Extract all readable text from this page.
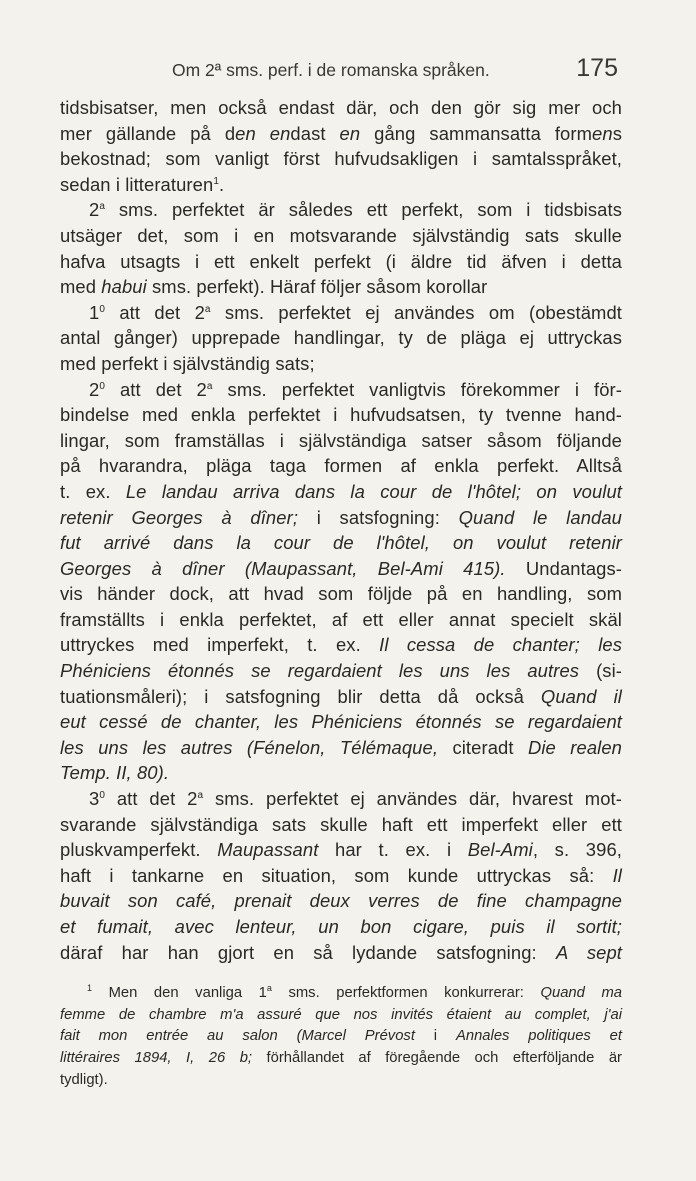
Om 2ª sms. perf. i de romanska språken.	175
tidsbisatser, men också endast där, och den gör sig mer och
mer gällande på den endast en gång sammansatta formens
bekostnad; som vanligt först hufvudsakligen i samtalsspråket,
sedan i litteraturen$^1$.
2$^a$ sms. perfektet är således ett perfekt, som i tidsbisats
utsäger det, som i en motsvarande självständig sats skulle
hafva utsagts i ett enkelt perfekt (i äldre tid äfven i detta
med habui sms. perfekt). Häraf följer såsom korollar
$1^0$ att det 2$^a$ sms. perfektet ej användes om (obestämdt
antal gånger) upprepade handlingar, ty de pläga ej uttryckas
med perfekt i självständig sats;
$2^0$ att det 2$^a$ sms. perfektet vanligtvis förekommer i för-
bindelse med enkla perfektet i hufvudsatsen, ty tvenne hand-
lingar, som framställas i självständiga satser såsom följande
på hvarandra, pläga taga formen af enkla perfekt. Alltså
t. ex. Le landau arriva dans la cour de l'hôtel; on voulut
retenir Georges à dîner; i satsfogning: Quand le landau
fut arrivé dans la cour de l'hôtel, on voulut retenir
Georges à dîner (Maupassant, Bel-Ami 415). Undantags-
vis händer dock, att hvad som följde på en handling, som
framställts i enkla perfektet, af ett eller annat specielt skäl
uttryckes med imperfekt, t. ex. Il cessa de chanter; les
Phéniciens étonnés se regardaient les uns les autres (si-
tuationsmåleri); i satsfogning blir detta då också Quand il
eut cessé de chanter, les Phéniciens étonnés se regardaient
les uns les autres (Fénelon, Télémaque, citeradt Die realen
Temp. II, 80).
$3^0$ att det 2$^a$ sms. perfektet ej användes där, hvarest mot-
svarande självständiga sats skulle haft ett imperfekt eller ett
pluskvamperfekt. Maupassant har t. ex. i Bel-Ami, s. 396,
haft i tankarne en situation, som kunde uttryckas så: Il
buvait son café, prenait deux verres de fine champagne
et fumait, avec lenteur, un bon cigare, puis il sortit;
däraf har han gjort en så lydande satsfogning: A sept
$^1$ Men den vanliga 1$^a$ sms. perfektformen konkurrerar: Quand ma
femme de chambre m'a assuré que nos invités étaient au complet, j'ai
fait mon entrée au salon (Marcel Prévost i Annales politiques et
littéraires 1894, I, 26 b; förhållandet af föregående och efterföljande är
tydligt).
